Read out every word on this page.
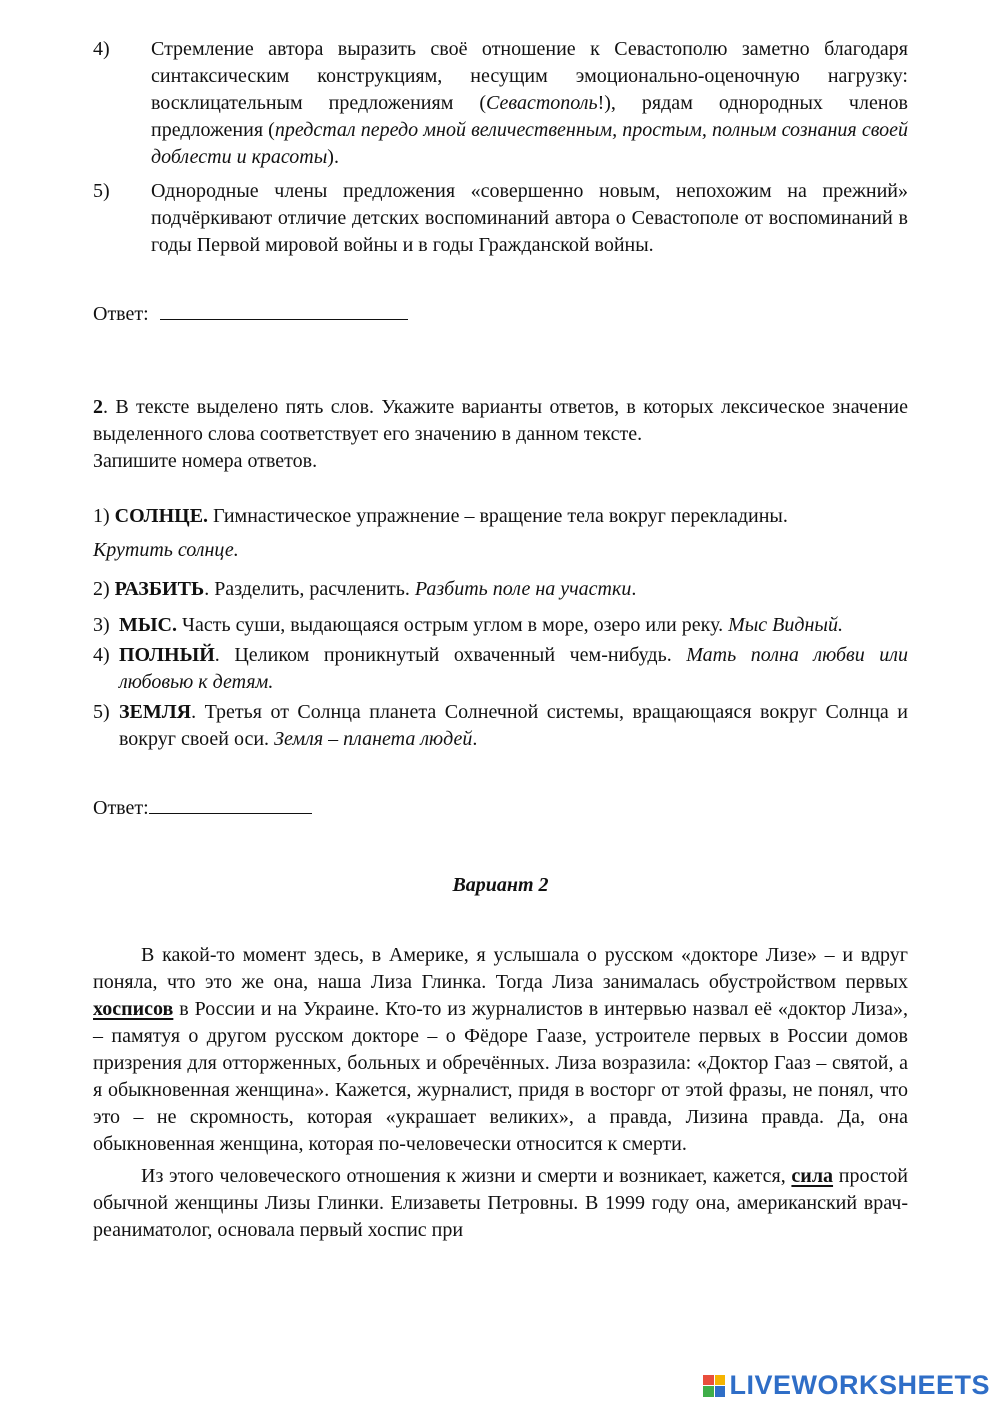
4)	Стремление автора выразить своё отношение к Севастополю заметно благодаря синтаксическим конструкциям, несущим эмоционально-оценочную нагрузку: восклицательным предложениям (Севастополь!), рядам однородных членов предложения (предстал передо мной величественным, простым, полным сознания своей доблести и красоты).
5)	Однородные члены предложения «совершенно новым, непохожим на прежний» подчёркивают отличие детских воспоминаний автора о Севастополе от воспоминаний в годы Первой мировой войны и в годы Гражданской войны.

Ответ:

2. В тексте выделено пять слов. Укажите варианты ответов, в которых лексическое значение выделенного слова соответствует его значению в данном тексте.

Запишите номера ответов.

1) СОЛНЦЕ. Гимнастическое упражнение – вращение тела вокруг перекладины.
Крутить солнце.
2) РАЗБИТЬ. Разделить, расчленить. Разбить поле на участки.
3) МЫС. Часть суши, выдающаяся острым углом в море, озеро или реку. Мыс Видный.
4) ПОЛНЫЙ. Целиком проникнутый охваченный чем-нибудь. Мать полна любви или любовью к детям.
5) ЗЕМЛЯ. Третья от Солнца планета Солнечной системы, вращающаяся вокруг Солнца и вокруг своей оси. Земля – планета людей.

Ответ:

Вариант 2

В какой-то момент здесь, в Америке, я услышала о русском «докторе Лизе» – и вдруг поняла, что это же она, наша Лиза Глинка. Тогда Лиза занималась обустройством первых хосписов в России и на Украине. Кто-то из журналистов в интервью назвал её «доктор Лиза», – памятуя о другом русском докторе – о Фёдоре Гаазе, устроителе первых в России домов призрения для отторженных, больных и обречённых. Лиза возразила: «Доктор Гааз – святой, а я обыкновенная женщина». Кажется, журналист, придя в восторг от этой фразы, не понял, что это – не скромность, которая «украшает великих», а правда, Лизина правда. Да, она обыкновенная женщина, которая по-человечески относится к смерти.

Из этого человеческого отношения к жизни и смерти и возникает, кажется, сила простой обычной женщины Лизы Глинки. Елизаветы Петровны. В 1999 году она, американский врач-реаниматолог, основала первый хоспис при

LIVEWORKSHEETS
